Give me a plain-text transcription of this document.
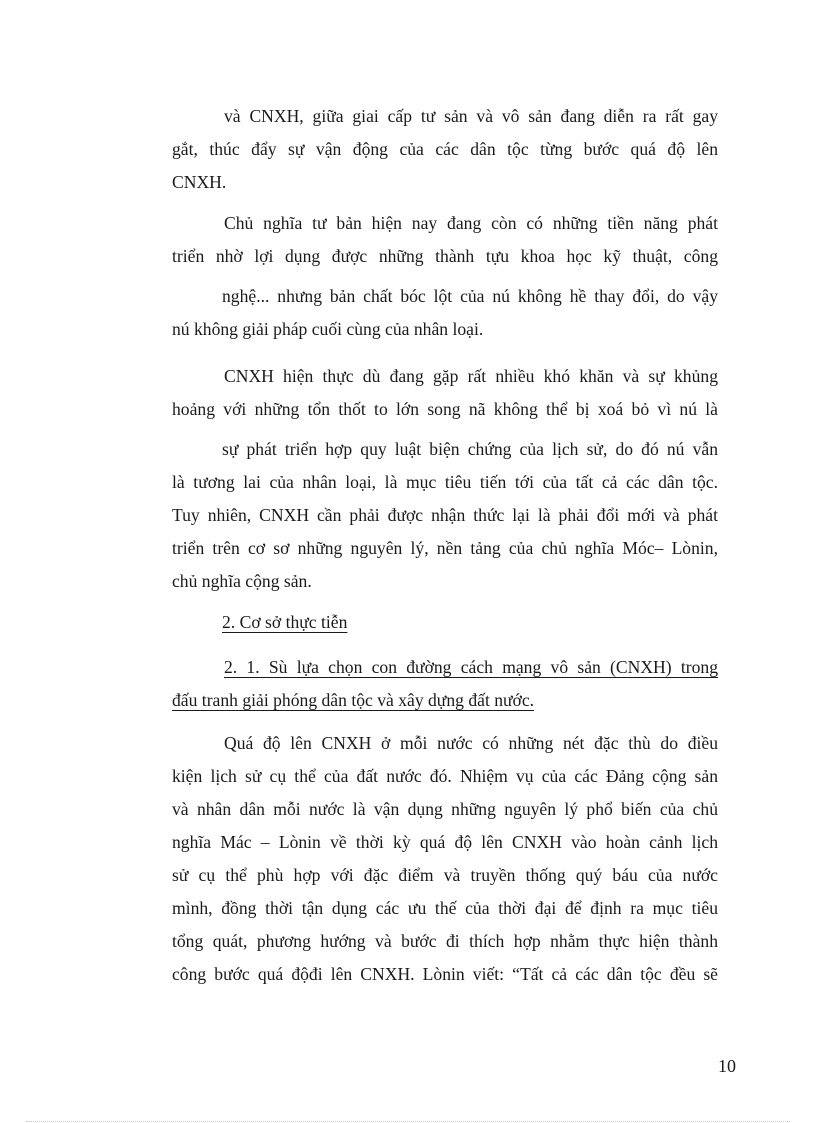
và CNXH, giữa giai cấp tư sản và vô sản đang diễn ra rất gay

gắt, thúc đẩy sự vận động của các dân tộc từng bước quá độ lên

CNXH.

Chủ nghĩa tư bản hiện nay đang còn có những tiền năng phát

triển nhờ lợi dụng được những thành tựu khoa học kỹ thuật, công

nghệ... nhưng bản chất bóc lột của nú không hề thay đổi, do vậy

nú không giải pháp cuối cùng của nhân loại.

CNXH hiện thực dù đang gặp rất nhiều khó khăn và sự khủng

hoảng với những tổn thốt to lớn song nã không thể bị xoá bỏ vì nú là

sự phát triển hợp quy luật biện chứng của lịch sử, do đó nú vẫn

là tương lai của nhân loại, là mục tiêu tiến tới của tất cả các dân tộc.

Tuy nhiên, CNXH cần phải được nhận thức lại là phải đổi mới và phát

triển trên cơ sơ những nguyên lý, nền tảng của chủ nghĩa Móc– Lònin,

chủ nghĩa cộng sản.

2. Cơ sở thực tiễn

2. 1. Sù lựa chọn con đường cách mạng vô sản (CNXH) trong

đấu tranh giải phóng dân tộc và xây dựng đất nước.

Quá độ lên CNXH ở mỗi nước có những nét đặc thù do điều

kiện lịch sử cụ thể của đất nước đó. Nhiệm vụ của các Đảng cộng sản

và nhân dân mỗi nước là vận dụng những nguyên lý phổ biến của chủ

nghĩa Mác – Lònin về thời kỳ quá độ lên CNXH vào hoàn cảnh lịch

sử cụ thể phù hợp với đặc điểm và truyền thống quý báu của nước

mình, đồng thời tận dụng các ưu thế của thời đại để định ra mục tiêu

tổng quát, phương hướng và bước đi thích hợp nhằm thực hiện thành

công bước quá độđi lên CNXH. Lònin viết: “Tất cả các dân tộc đều sẽ

10
